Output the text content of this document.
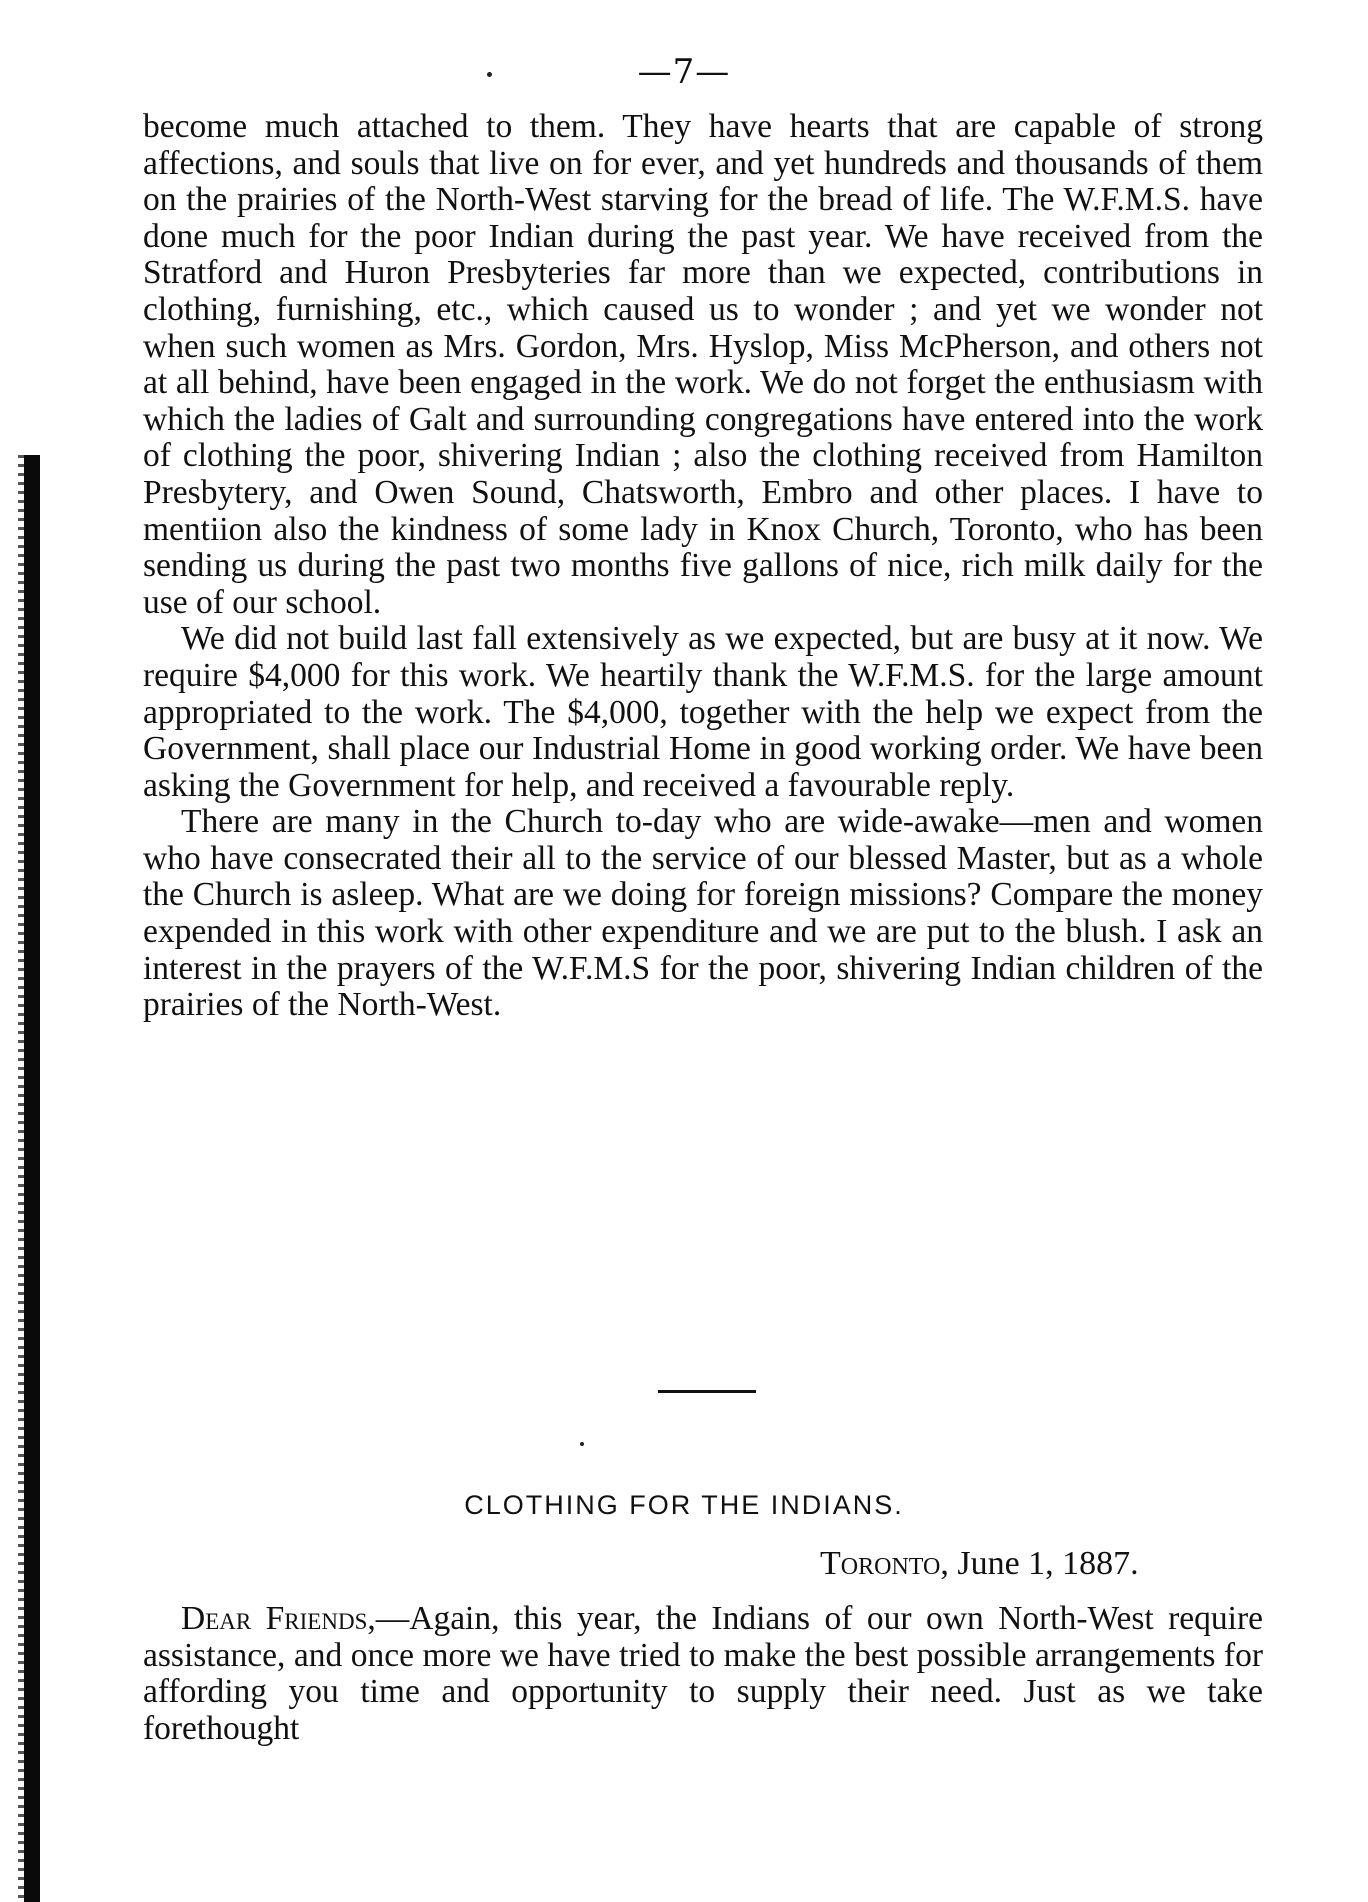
—7—

become much attached to them. They have hearts that are capable of strong affections, and souls that live on for ever, and yet hundreds and thousands of them on the prairies of the North-West starving for the bread of life. The W.F.M.S. have done much for the poor Indian during the past year. We have received from the Stratford and Huron Presbyteries far more than we expected, contributions in clothing, furnishing, etc., which caused us to wonder ; and yet we wonder not when such women as Mrs. Gordon, Mrs. Hyslop, Miss McPherson, and others not at all behind, have been engaged in the work. We do not forget the enthusiasm with which the ladies of Galt and surrounding congregations have entered into the work of clothing the poor, shivering Indian ; also the clothing received from Hamilton Presbytery, and Owen Sound, Chatsworth, Embro and other places. I have to mentiion also the kindness of some lady in Knox Church, Toronto, who has been sending us during the past two months five gallons of nice, rich milk daily for the use of our school.

We did not build last fall extensively as we expected, but are busy at it now. We require $4,000 for this work. We heartily thank the W.F.M.S. for the large amount appropriated to the work. The $4,000, together with the help we expect from the Government, shall place our Industrial Home in good working order. We have been asking the Government for help, and received a favourable reply.

There are many in the Church to-day who are wide-awake—men and women who have consecrated their all to the service of our blessed Master, but as a whole the Church is asleep. What are we doing for foreign missions? Compare the money expended in this work with other expenditure and we are put to the blush. I ask an interest in the prayers of the W.F.M.S for the poor, shivering Indian children of the prairies of the North-West.

CLOTHING FOR THE INDIANS.
Toronto, June 1, 1887.

Dear Friends,—Again, this year, the Indians of our own North-West require assistance, and once more we have tried to make the best possible arrangements for affording you time and opportunity to supply their need. Just as we take forethought
